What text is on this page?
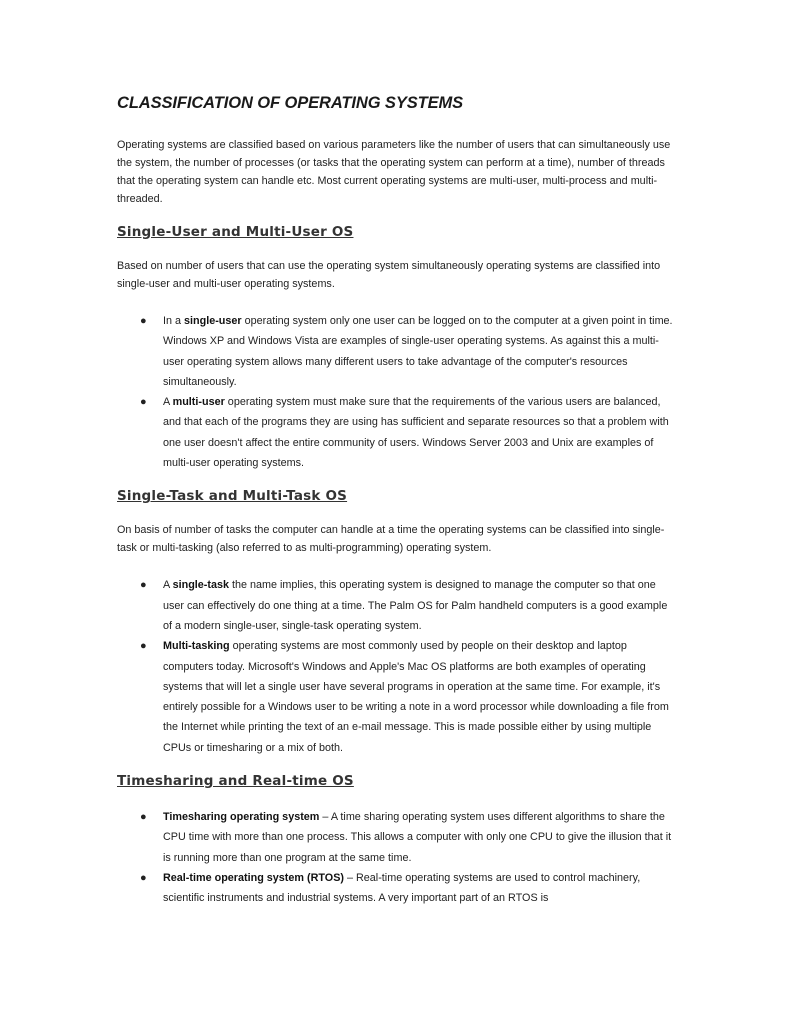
CLASSIFICATION OF OPERATING SYSTEMS

Operating systems are classified based on various parameters like the number of users that can simultaneously use the system, the number of processes (or tasks that the operating system can perform at a time), number of threads that the operating system can handle etc. Most current operating systems are multi-user, multi-process and multi-threaded.

Single-User and Multi-User OS

Based on number of users that can use the operating system simultaneously operating systems are classified into single-user and multi-user operating systems.

● In a single-user operating system only one user can be logged on to the computer at a given point in time. Windows XP and Windows Vista are examples of single-user operating systems. As against this a multi-user operating system allows many different users to take advantage of the computer's resources simultaneously.
● A multi-user operating system must make sure that the requirements of the various users are balanced, and that each of the programs they are using has sufficient and separate resources so that a problem with one user doesn't affect the entire community of users. Windows Server 2003 and Unix are examples of multi-user operating systems.
Single-Task and Multi-Task OS

On basis of number of tasks the computer can handle at a time the operating systems can be classified into single-task or multi-tasking (also referred to as multi-programming) operating system.

● A single-task the name implies, this operating system is designed to manage the computer so that one user can effectively do one thing at a time. The Palm OS for Palm handheld computers is a good example of a modern single-user, single-task operating system.
● Multi-tasking operating systems are most commonly used by people on their desktop and laptop computers today. Microsoft's Windows and Apple's Mac OS platforms are both examples of operating systems that will let a single user have several programs in operation at the same time. For example, it's entirely possible for a Windows user to be writing a note in a word processor while downloading a file from the Internet while printing the text of an e-mail message. This is made possible either by using multiple CPUs or timesharing or a mix of both.
Timesharing and Real-time OS
● Timesharing operating system – A time sharing operating system uses different algorithms to share the CPU time with more than one process. This allows a computer with only one CPU to give the illusion that it is running more than one program at the same time.
● Real-time operating system (RTOS) – Real-time operating systems are used to control machinery, scientific instruments and industrial systems. A very important part of an RTOS is
